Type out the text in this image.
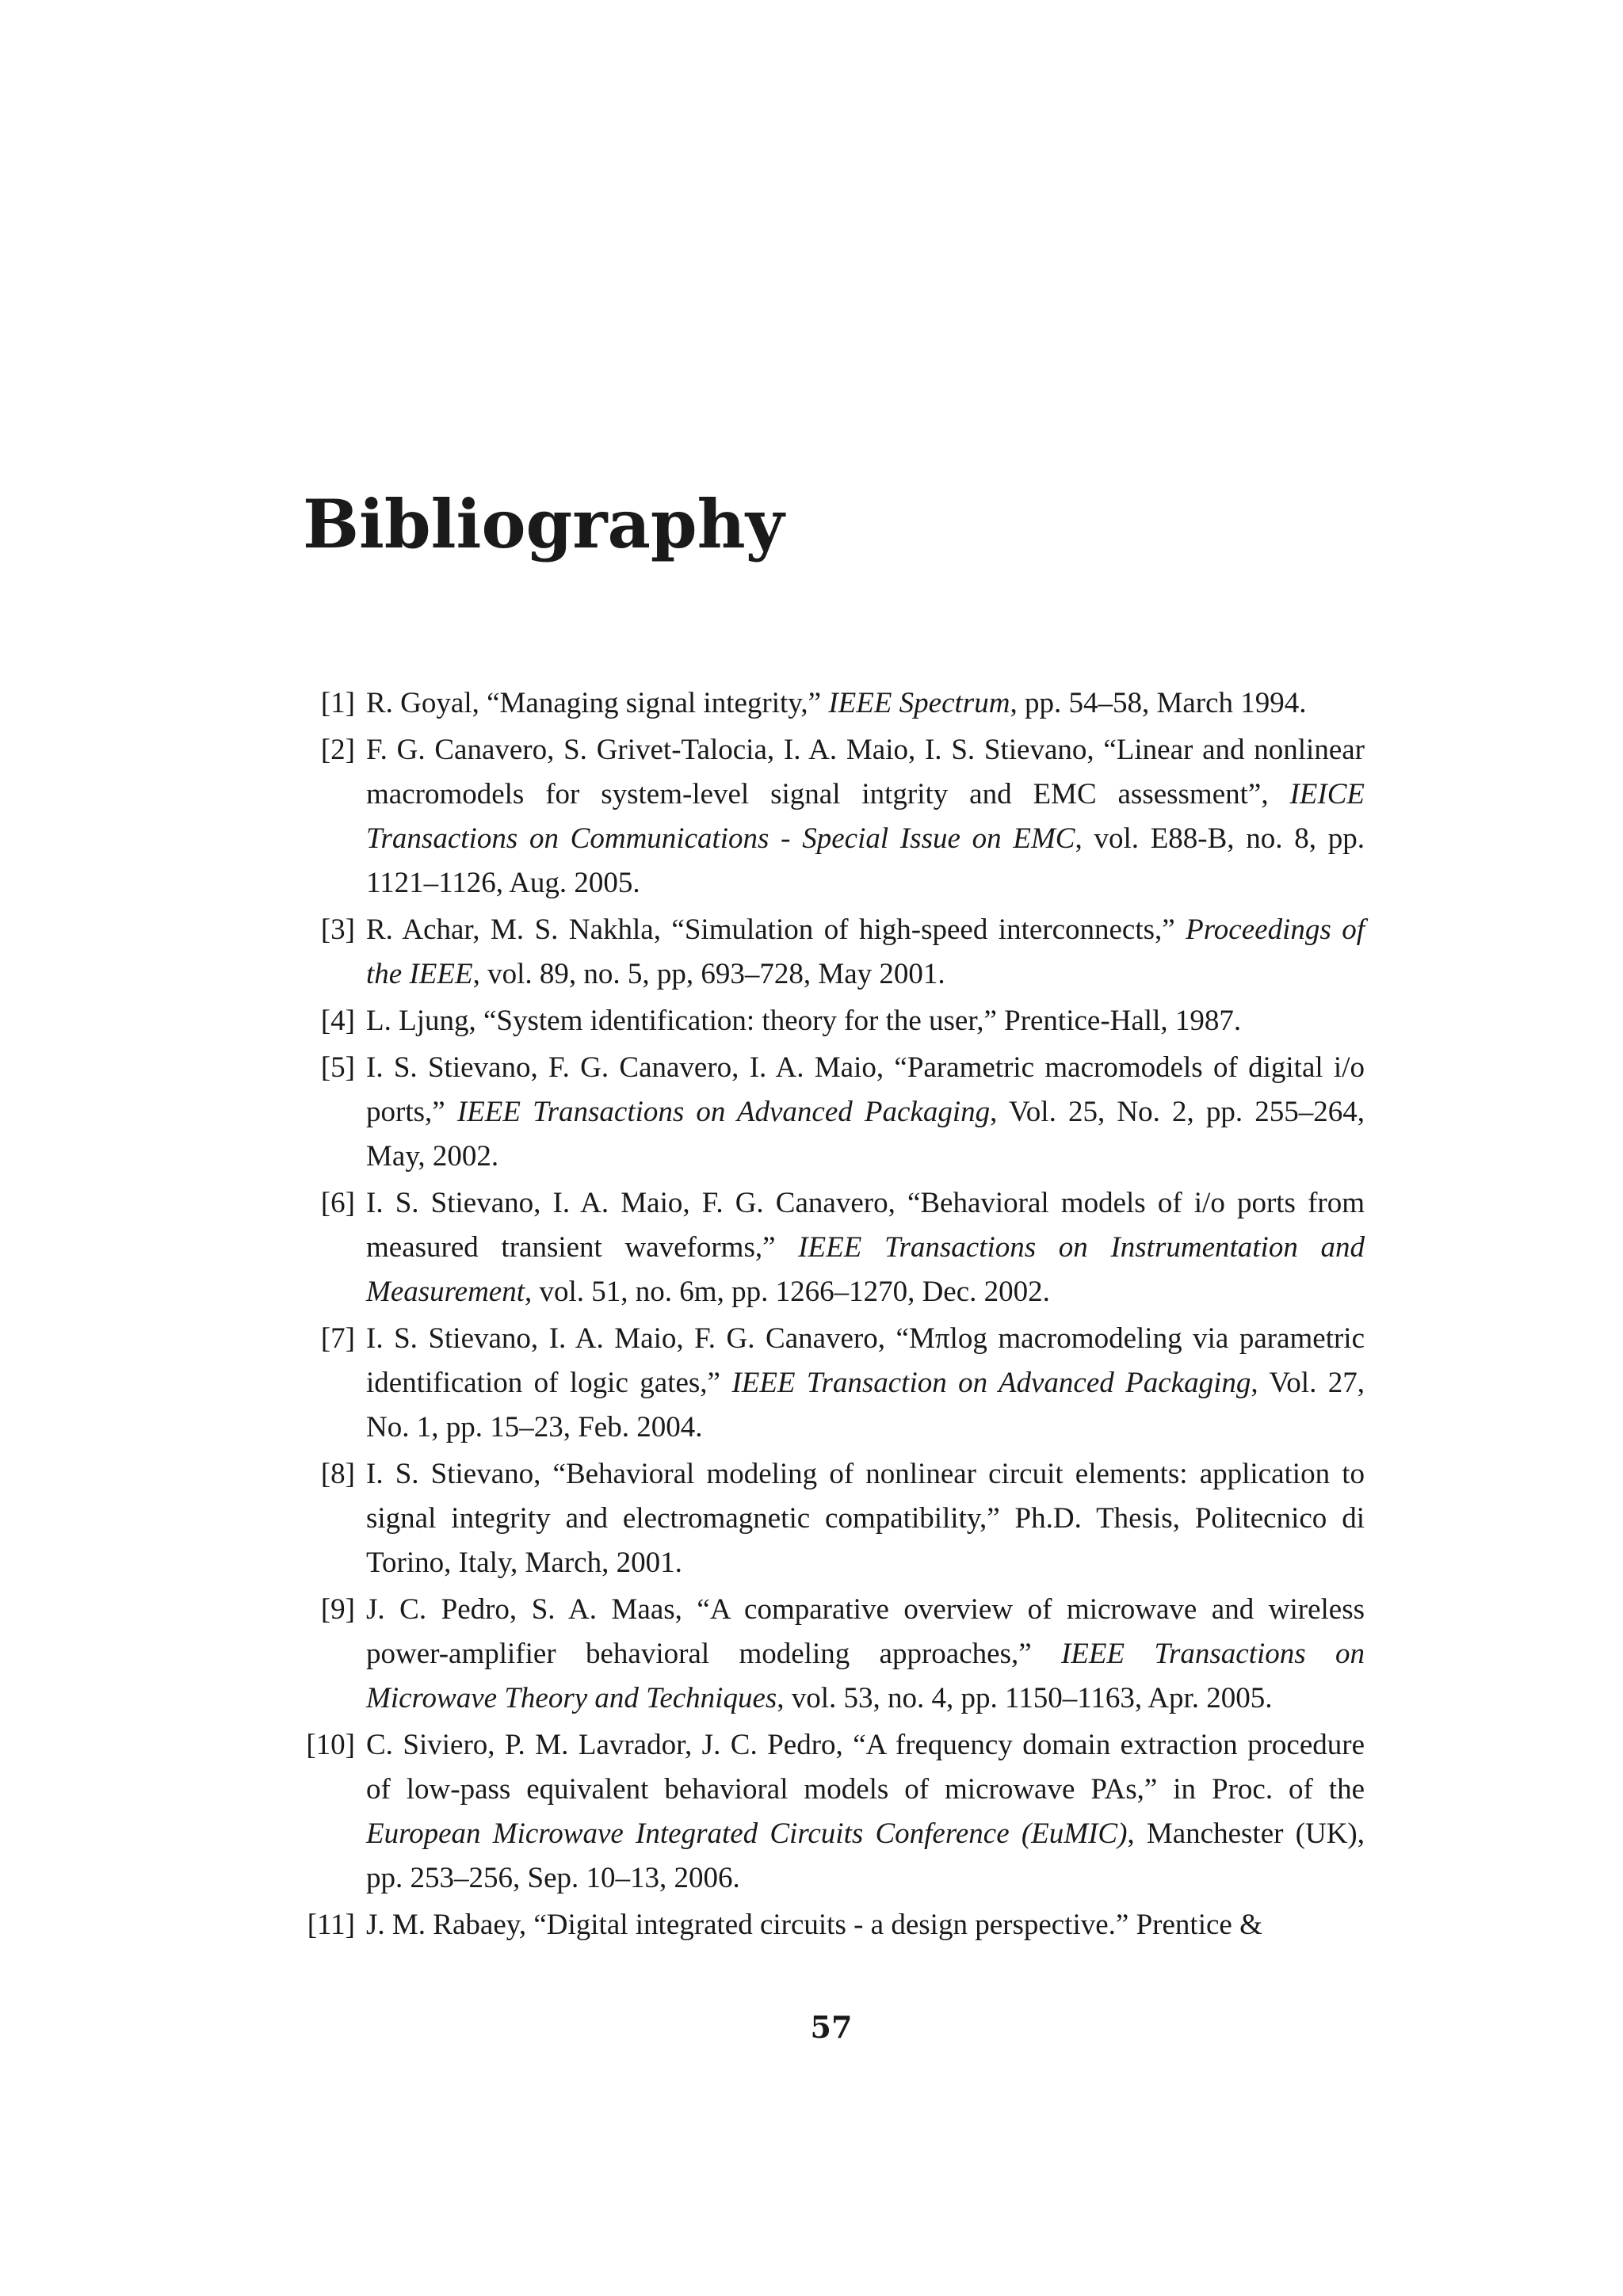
Bibliography
[1] R. Goyal, “Managing signal integrity,” IEEE Spectrum, pp. 54–58, March 1994.
[2] F. G. Canavero, S. Grivet-Talocia, I. A. Maio, I. S. Stievano, “Linear and nonlinear macromodels for system-level signal intgrity and EMC assessment”, IEICE Transactions on Communications - Special Issue on EMC, vol. E88-B, no. 8, pp. 1121–1126, Aug. 2005.
[3] R. Achar, M. S. Nakhla, “Simulation of high-speed interconnects,” Proceedings of the IEEE, vol. 89, no. 5, pp, 693–728, May 2001.
[4] L. Ljung, “System identification: theory for the user,” Prentice-Hall, 1987.
[5] I. S. Stievano, F. G. Canavero, I. A. Maio, “Parametric macromodels of digital i/o ports,” IEEE Transactions on Advanced Packaging, Vol. 25, No. 2, pp. 255–264, May, 2002.
[6] I. S. Stievano, I. A. Maio, F. G. Canavero, “Behavioral models of i/o ports from measured transient waveforms,” IEEE Transactions on Instrumentation and Measurement, vol. 51, no. 6m, pp. 1266–1270, Dec. 2002.
[7] I. S. Stievano, I. A. Maio, F. G. Canavero, “Mπlog macromodeling via parametric identification of logic gates,” IEEE Transaction on Advanced Packaging, Vol. 27, No. 1, pp. 15–23, Feb. 2004.
[8] I. S. Stievano, “Behavioral modeling of nonlinear circuit elements: application to signal integrity and electromagnetic compatibility,” Ph.D. Thesis, Politecnico di Torino, Italy, March, 2001.
[9] J. C. Pedro, S. A. Maas, “A comparative overview of microwave and wireless power-amplifier behavioral modeling approaches,” IEEE Transactions on Microwave Theory and Techniques, vol. 53, no. 4, pp. 1150–1163, Apr. 2005.
[10] C. Siviero, P. M. Lavrador, J. C. Pedro, “A frequency domain extraction procedure of low-pass equivalent behavioral models of microwave PAs,” in Proc. of the European Microwave Integrated Circuits Conference (EuMIC), Manchester (UK), pp. 253–256, Sep. 10–13, 2006.
[11] J. M. Rabaey, “Digital integrated circuits - a design perspective.” Prentice &
57
